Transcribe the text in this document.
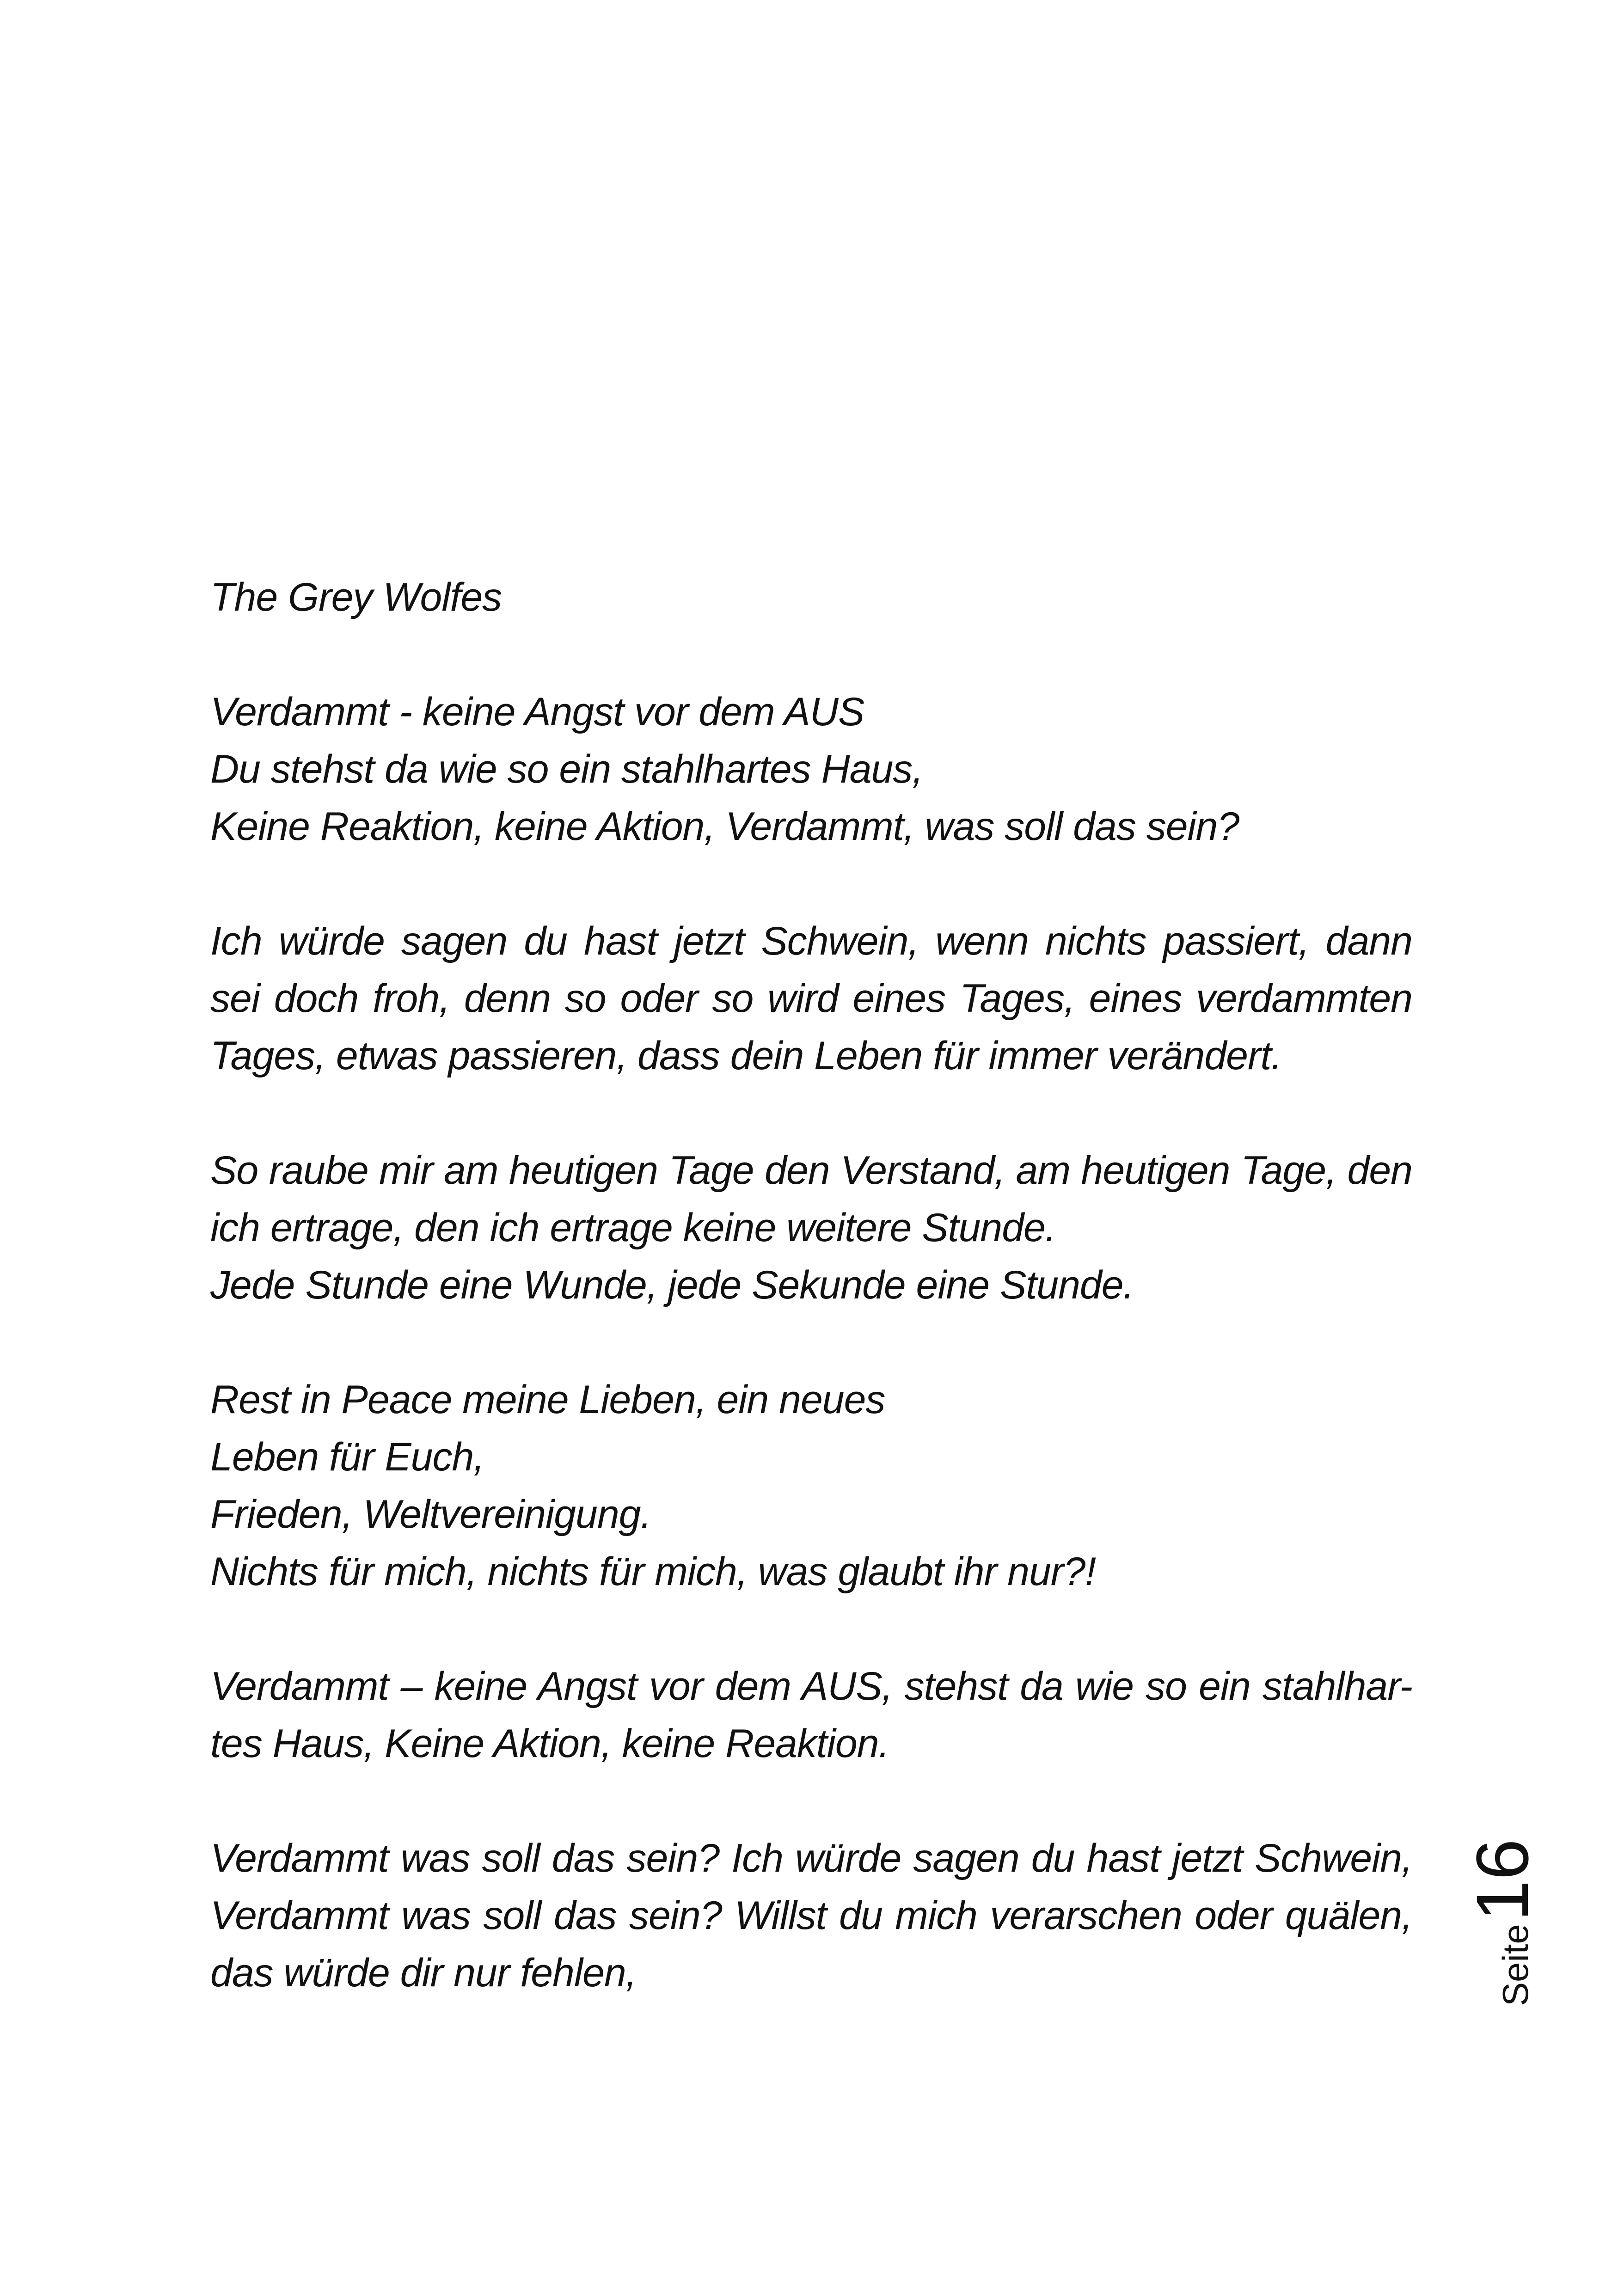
The Grey Wolfes
Verdammt - keine Angst vor dem AUS
Du stehst da wie so ein stahlhartes Haus,
Keine Reaktion, keine Aktion, Verdammt, was soll das sein?
Ich würde sagen du hast jetzt Schwein, wenn nichts passiert, dann
sei doch froh, denn so oder so wird eines Tages, eines verdammten
Tages, etwas passieren, dass dein Leben für immer verändert.
So raube mir am heutigen Tage den Verstand, am heutigen Tage, den
ich ertrage, den ich ertrage keine weitere Stunde.
Jede Stunde eine Wunde, jede Sekunde eine Stunde.
Rest in Peace meine Lieben, ein neues
Leben für Euch,
Frieden, Weltvereinigung.
Nichts für mich, nichts für mich, was glaubt ihr nur?!
Verdammt – keine Angst vor dem AUS, stehst da wie so ein stahlhar-
tes Haus, Keine Aktion, keine Reaktion.
Verdammt was soll das sein? Ich würde sagen du hast jetzt Schwein,
Verdammt was soll das sein? Willst du mich verarschen oder quälen,
das würde dir nur fehlen,	Seite
16
